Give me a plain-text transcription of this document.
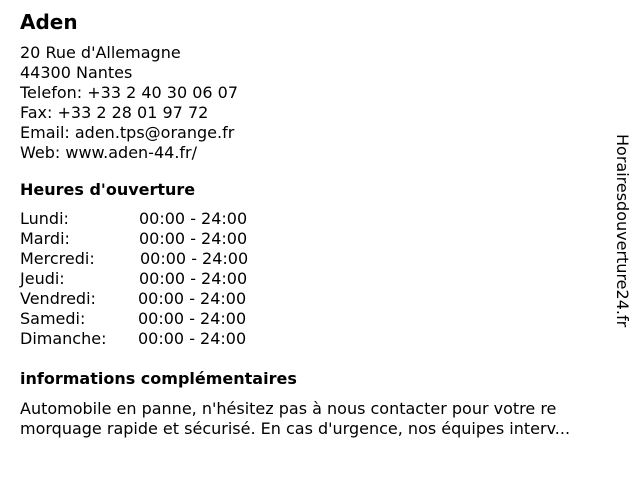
Aden
20 Rue d'Allemagne
44300 Nantes
Telefon: +33 2 40 30 06 07
Fax: +33 2 28 01 97 72
Email: aden.tps@orange.fr
Web: www.aden-44.fr/
Heures d'ouverture
Lundi:	00:00 - 24:00
Mardi:	00:00 - 24:00
Mercredi:	00:00 - 24:00
Jeudi:	00:00 - 24:00
Vendredi:	00:00 - 24:00
Samedi:	00:00 - 24:00
Dimanche: 00:00 - 24:00
informations complémentaires
Automobile en panne, n'hésitez pas à nous contacter pour votre re
morquage rapide et sécurisé. En cas d'urgence, nos équipes interv...
Horairesdouverture24.fr
